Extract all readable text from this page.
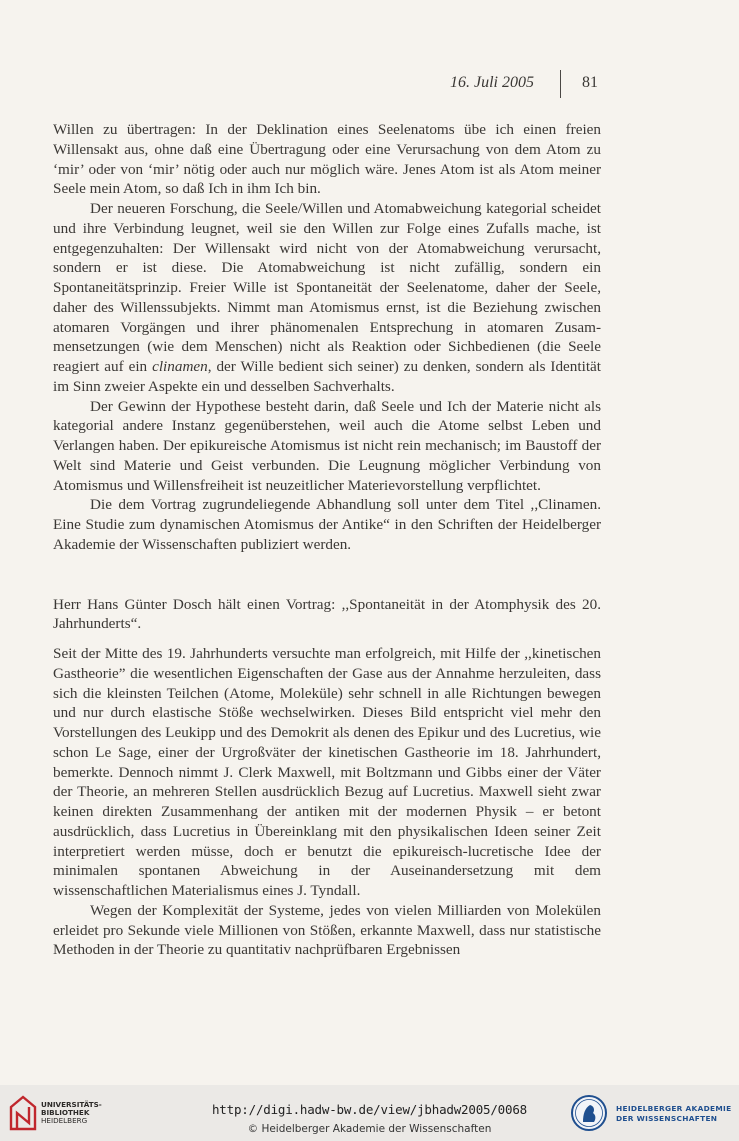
16. Juli 2005	81

Willen zu übertragen: In der Deklination eines Seelenatoms übe ich einen freien Willensakt aus, ohne daß eine Übertragung oder eine Verursachung von dem Atom zu ‘mir’ oder von ‘mir’ nötig oder auch nur möglich wäre. Jenes Atom ist als Atom meiner Seele mein Atom, so daß Ich in ihm Ich bin.

Der neueren Forschung, die Seele/Willen und Atomabweichung kategorial scheidet und ihre Verbindung leugnet, weil sie den Willen zur Folge eines Zufalls mache, ist entgegenzuhalten: Der Willensakt wird nicht von der Atomabweichung verursacht, sondern er ist diese. Die Atomabweichung ist nicht zufällig, sondern ein Spontaneitätsprinzip. Freier Wille ist Spontaneität der Seelenatome, daher der Seele, daher des Willenssubjekts. Nimmt man Atomismus ernst, ist die Beziehung zwischen atomaren Vorgängen und ihrer phänomenalen Entsprechung in atomaren Zusammensetzungen (wie dem Menschen) nicht als Reaktion oder Sichbedienen (die Seele reagiert auf ein clinamen, der Wille bedient sich seiner) zu denken, sondern als Identität im Sinn zweier Aspekte ein und desselben Sachverhalts.

Der Gewinn der Hypothese besteht darin, daß Seele und Ich der Materie nicht als kategorial andere Instanz gegenüberstehen, weil auch die Atome selbst Leben und Verlangen haben. Der epikureische Atomismus ist nicht rein mechanisch; im Baustoff der Welt sind Materie und Geist verbunden. Die Leugnung möglicher Verbindung von Atomismus und Willensfreiheit ist neuzeitlicher Materievorstellung verpflichtet.

Die dem Vortrag zugrundeliegende Abhandlung soll unter dem Titel ,,Clinamen. Eine Studie zum dynamischen Atomismus der Antike“ in den Schriften der Heidelberger Akademie der Wissenschaften publiziert werden.

Herr Hans Günter Dosch hält einen Vortrag: ,,Spontaneität in der Atomphysik des 20. Jahrhunderts“.

Seit der Mitte des 19. Jahrhunderts versuchte man erfolgreich, mit Hilfe der ,,kinetischen Gastheorie” die wesentlichen Eigenschaften der Gase aus der Annahme herzuleiten, dass sich die kleinsten Teilchen (Atome, Moleküle) sehr schnell in alle Richtungen bewegen und nur durch elastische Stöße wechselwirken. Dieses Bild entspricht viel mehr den Vorstellungen des Leukipp und des Demokrit als denen des Epikur und des Lucretius, wie schon Le Sage, einer der Urgroßväter der kinetischen Gastheorie im 18. Jahrhundert, bemerkte. Dennoch nimmt J. Clerk Maxwell, mit Boltzmann und Gibbs einer der Väter der Theorie, an mehreren Stellen ausdrücklich Bezug auf Lucretius. Maxwell sieht zwar keinen direkten Zusammenhang der antiken mit der modernen Physik – er betont ausdrücklich, dass Lucretius in Übereinklang mit den physikalischen Ideen seiner Zeit interpretiert werden müsse, doch er benutzt die epikureisch-lucretische Idee der minimalen spontanen Abweichung in der Auseinandersetzung mit dem wissenschaftlichen Materialismus eines J. Tyndall.

Wegen der Komplexität der Systeme, jedes von vielen Milliarden von Molekülen erleidet pro Sekunde viele Millionen von Stößen, erkannte Maxwell, dass nur statistische Methoden in der Theorie zu quantitativ nachprüfbaren Ergebnissen

UNIVERSITÄTS-
BIBLIOTHEK
HEIDELBERG
http://digi.hadw-bw.de/view/jbhadw2005/0068
© Heidelberger Akademie der Wissenschaften
HEIDELBERGER AKADEMIE
DER WISSENSCHAFTEN
